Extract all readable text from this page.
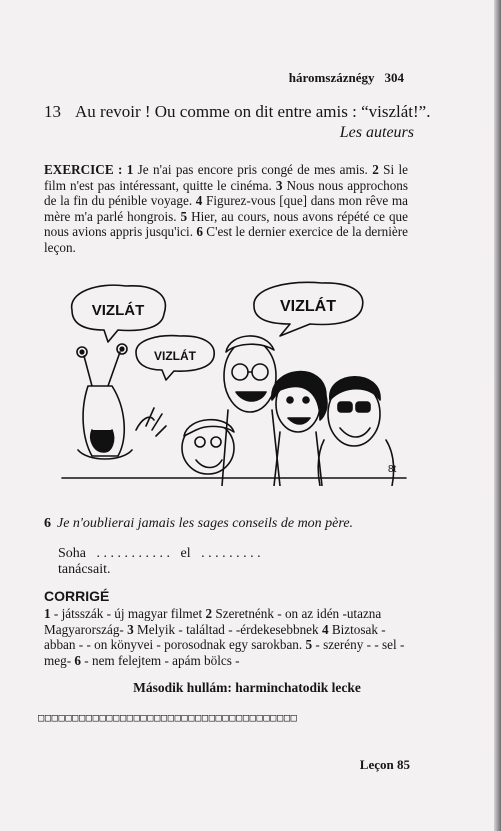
háromszáznégy 304
13 Au revoir ! Ou comme on dit entre amis : “viszlát!”.
Les auteurs
EXERCICE : 1 Je n'ai pas encore pris congé de mes amis. 2 Si le film n'est pas intéressant, quitte le cinéma. 3 Nous nous approchons de la fin du pénible voyage. 4 Figurez-vous [que] dans mon rêve ma mère m'a parlé hongrois. 5 Hier, au cours, nous avons répété ce que nous avions appris jusqu'ici. 6 C'est le dernier exercice de la dernière leçon.
VIZLÁT
VIZLÁT
VIZLÁT
8t
6 Je n'oublierai jamais les sages conseils de mon père.
Soha . . . . . . . . . . . el . . . . . . . . .
tanácsait.
CORRIGÉ
1 - játsszák - új magyar filmet 2 Szeretnénk - on az idén -utazna Magyarország- 3 Melyik - találtad - -érdekesebbnek 4 Biztosak - abban - - on könyvei - porosodnak egy sarokban. 5 - szerény - - sel - meg- 6 - nem felejtem - apám bölcs -
Második hullám: harminchatodik lecke
□□□□□□□□□□□□□□□□□□□□□□□□□□□□□□□□□□□□□□
Leçon 85
